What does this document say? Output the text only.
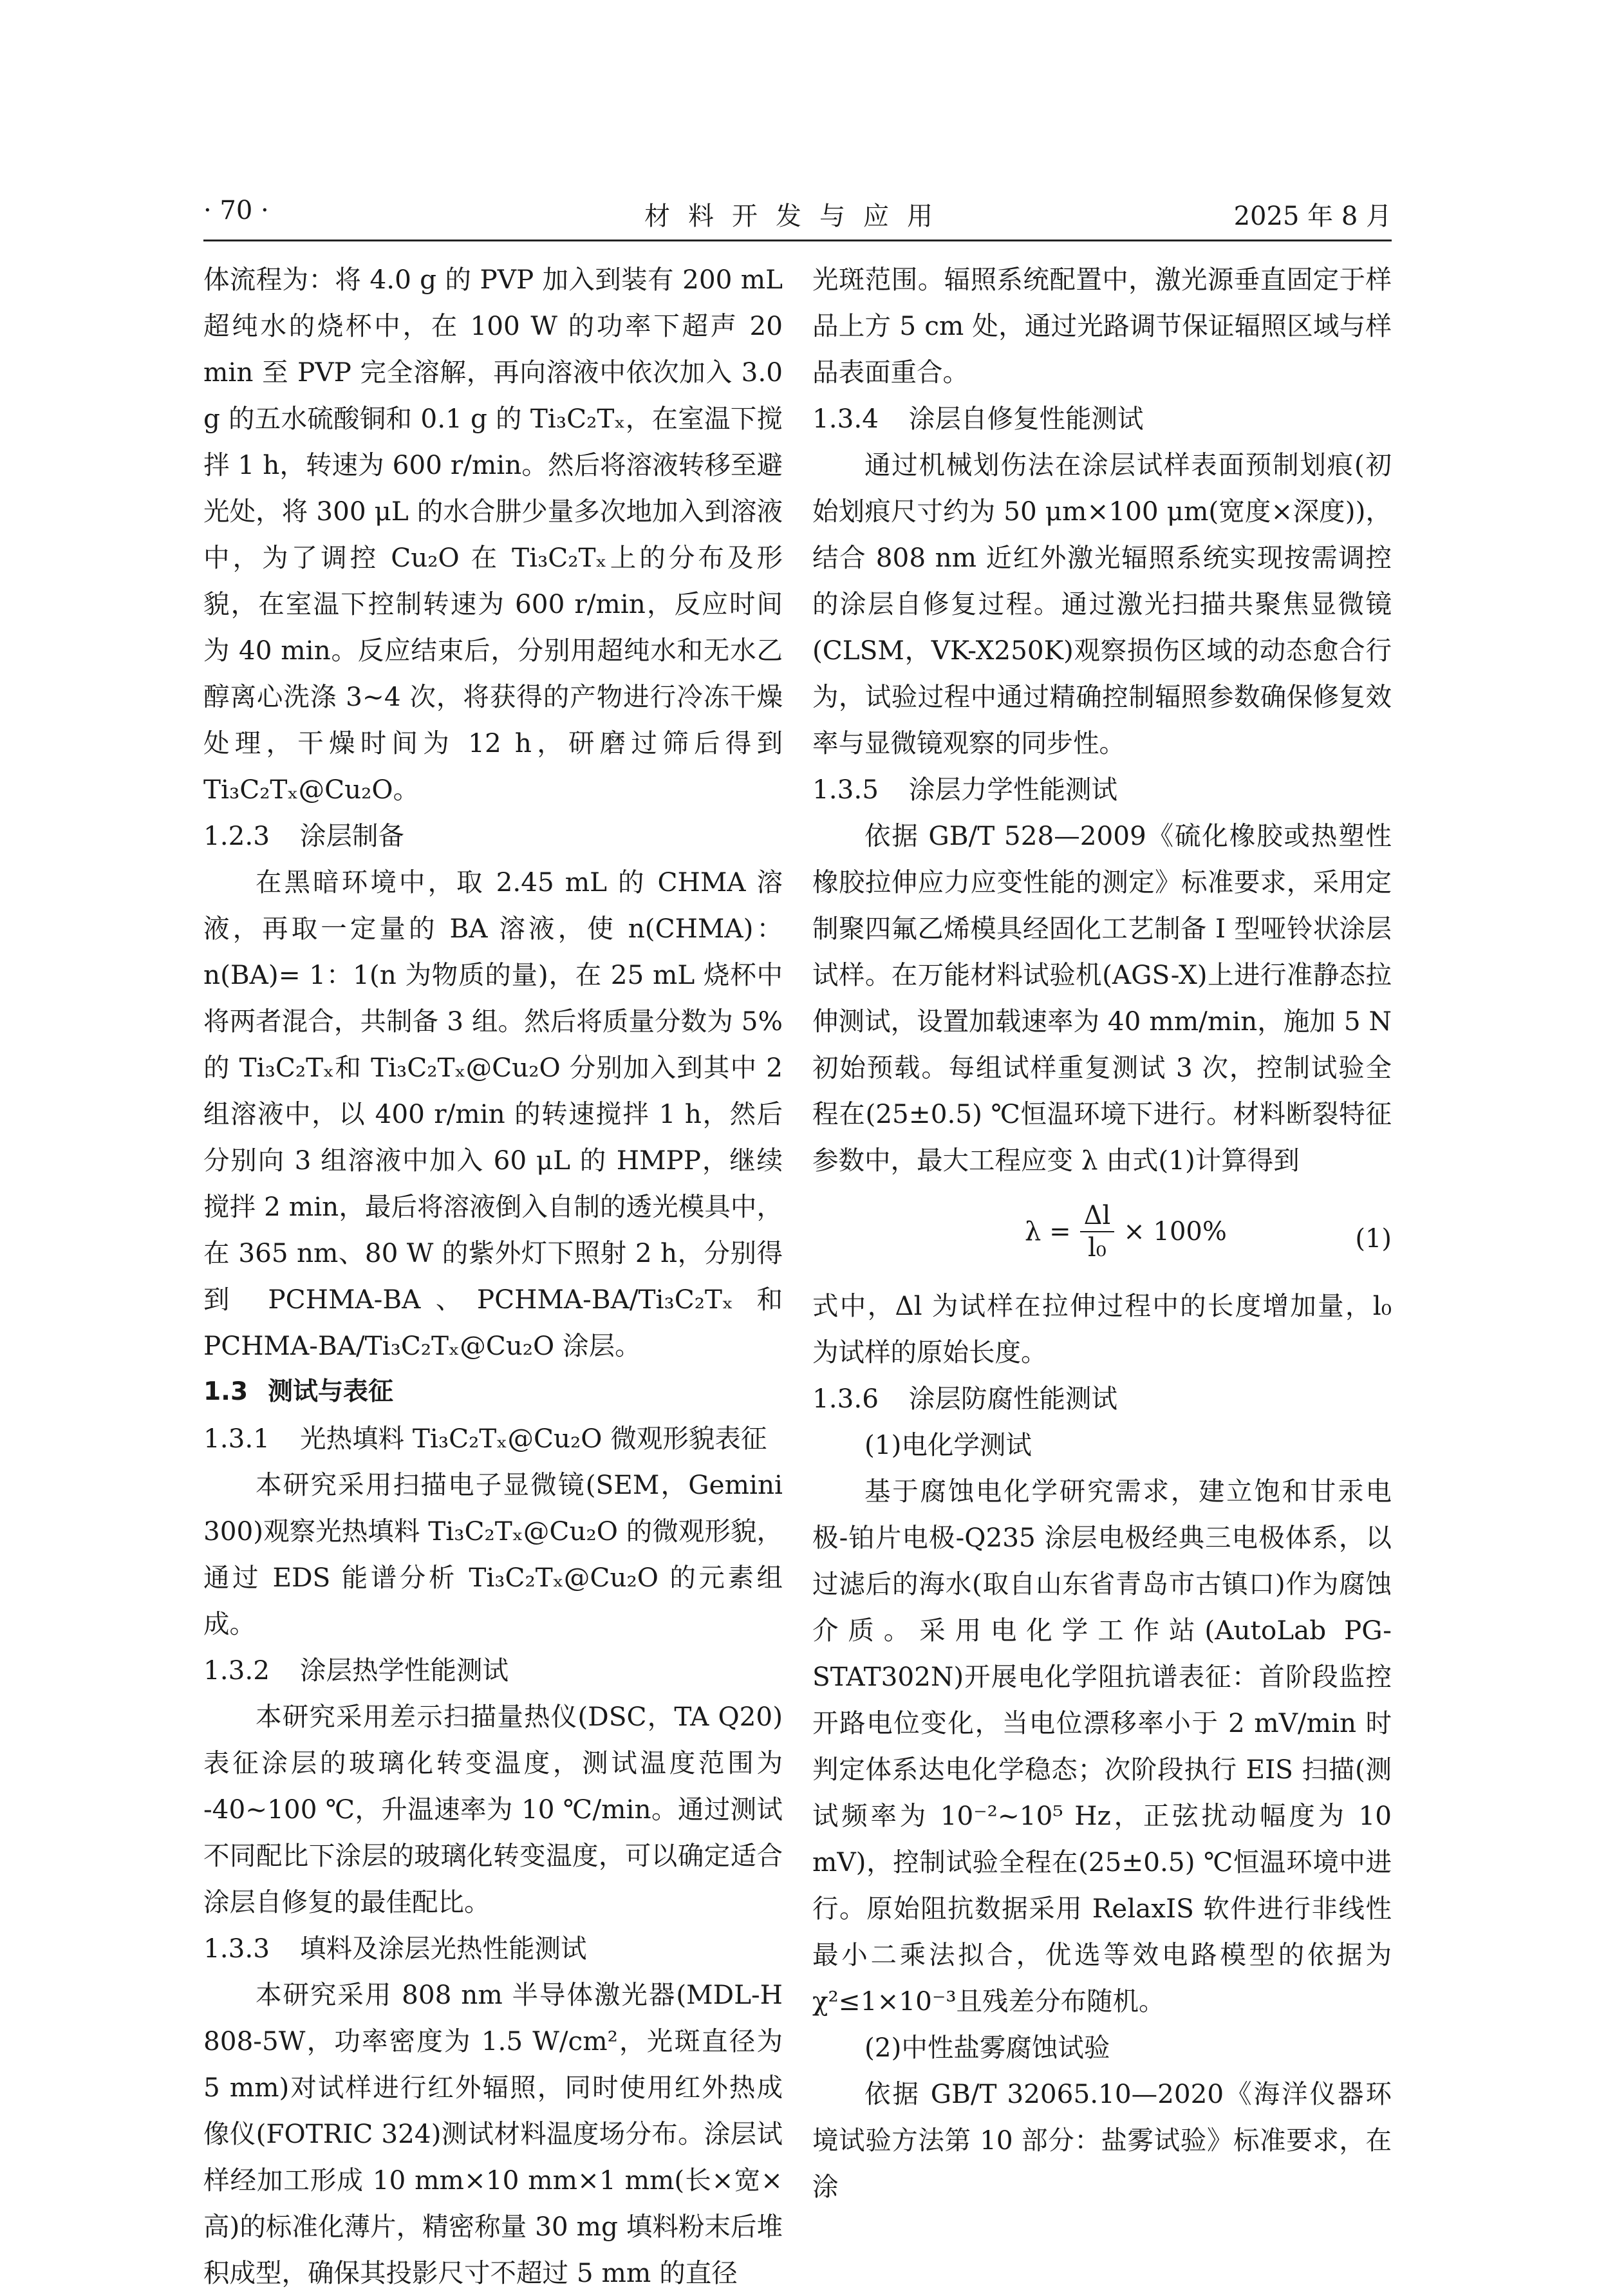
· 70 ·	材料开发与应用	2025 年 8 月

体流程为：将 4.0 g 的 PVP 加入到装有 200 mL 超纯水的烧杯中，在 100 W 的功率下超声 20 min 至 PVP 完全溶解，再向溶液中依次加入 3.0 g 的五水硫酸铜和 0.1 g 的 Ti₃C₂Tₓ，在室温下搅拌 1 h，转速为 600 r/min。然后将溶液转移至避光处，将 300 μL 的水合肼少量多次地加入到溶液中，为了调控 Cu₂O 在 Ti₃C₂Tₓ上的分布及形貌，在室温下控制转速为 600 r/min，反应时间为 40 min。反应结束后，分别用超纯水和无水乙醇离心洗涤 3~4 次，将获得的产物进行冷冻干燥处理，干燥时间为 12 h，研磨过筛后得到 Ti₃C₂Tₓ@Cu₂O。

1.2.3 涂层制备

在黑暗环境中，取 2.45 mL 的 CHMA 溶液，再取一定量的 BA 溶液，使 n(CHMA)：n(BA)= 1：1(n 为物质的量)，在 25 mL 烧杯中将两者混合，共制备 3 组。然后将质量分数为 5% 的 Ti₃C₂Tₓ和 Ti₃C₂Tₓ@Cu₂O 分别加入到其中 2 组溶液中，以 400 r/min 的转速搅拌 1 h，然后分别向 3 组溶液中加入 60 μL 的 HMPP，继续搅拌 2 min，最后将溶液倒入自制的透光模具中，在 365 nm、80 W 的紫外灯下照射 2 h，分别得到 PCHMA-BA、PCHMA-BA/Ti₃C₂Tₓ 和 PCHMA-BA/Ti₃C₂Tₓ@Cu₂O 涂层。

1.3 测试与表征
1.3.1 光热填料 Ti₃C₂Tₓ@Cu₂O 微观形貌表征

本研究采用扫描电子显微镜(SEM，Gemini 300)观察光热填料 Ti₃C₂Tₓ@Cu₂O 的微观形貌，通过 EDS 能谱分析 Ti₃C₂Tₓ@Cu₂O 的元素组成。

1.3.2 涂层热学性能测试

本研究采用差示扫描量热仪(DSC，TA Q20)表征涂层的玻璃化转变温度，测试温度范围为 -40~100 ℃，升温速率为 10 ℃/min。通过测试不同配比下涂层的玻璃化转变温度，可以确定适合涂层自修复的最佳配比。

1.3.3 填料及涂层光热性能测试

本研究采用 808 nm 半导体激光器(MDL-H 808-5W，功率密度为 1.5 W/cm²，光斑直径为 5 mm)对试样进行红外辐照，同时使用红外热成像仪(FOTRIC 324)测试材料温度场分布。涂层试样经加工形成 10 mm×10 mm×1 mm(长×宽×高)的标准化薄片，精密称量 30 mg 填料粉末后堆积成型，确保其投影尺寸不超过 5 mm 的直径

光斑范围。辐照系统配置中，激光源垂直固定于样品上方 5 cm 处，通过光路调节保证辐照区域与样品表面重合。

1.3.4 涂层自修复性能测试

通过机械划伤法在涂层试样表面预制划痕(初始划痕尺寸约为 50 μm×100 μm(宽度×深度))，结合 808 nm 近红外激光辐照系统实现按需调控的涂层自修复过程。通过激光扫描共聚焦显微镜(CLSM，VK-X250K)观察损伤区域的动态愈合行为，试验过程中通过精确控制辐照参数确保修复效率与显微镜观察的同步性。

1.3.5 涂层力学性能测试

依据 GB/T 528—2009《硫化橡胶或热塑性橡胶拉伸应力应变性能的测定》标准要求，采用定制聚四氟乙烯模具经固化工艺制备 I 型哑铃状涂层试样。在万能材料试验机(AGS-X)上进行准静态拉伸测试，设置加载速率为 40 mm/min，施加 5 N 初始预载。每组试样重复测试 3 次，控制试验全程在(25±0.5) ℃恒温环境下进行。材料断裂特征参数中，最大工程应变 λ 由式(1)计算得到

$\lambda = \frac{\Delta l}{\text{l₀}} \times 100\%$	(1)

式中，Δl 为试样在拉伸过程中的长度增加量，l₀ 为试样的原始长度。

1.3.6 涂层防腐性能测试

(1)电化学测试

基于腐蚀电化学研究需求，建立饱和甘汞电极-铂片电极-Q235 涂层电极经典三电极体系，以过滤后的海水(取自山东省青岛市古镇口)作为腐蚀介质。采用电化学工作站(AutoLab PG-STAT302N)开展电化学阻抗谱表征：首阶段监控开路电位变化，当电位漂移率小于 2 mV/min 时判定体系达电化学稳态；次阶段执行 EIS 扫描(测试频率为 10⁻²~10⁵ Hz，正弦扰动幅度为 10 mV)，控制试验全程在(25±0.5) ℃恒温环境中进行。原始阻抗数据采用 RelaxIS 软件进行非线性最小二乘法拟合，优选等效电路模型的依据为 χ²≤1×10⁻³且残差分布随机。

(2)中性盐雾腐蚀试验

依据 GB/T 32065.10—2020《海洋仪器环境试验方法第 10 部分：盐雾试验》标准要求，在涂
